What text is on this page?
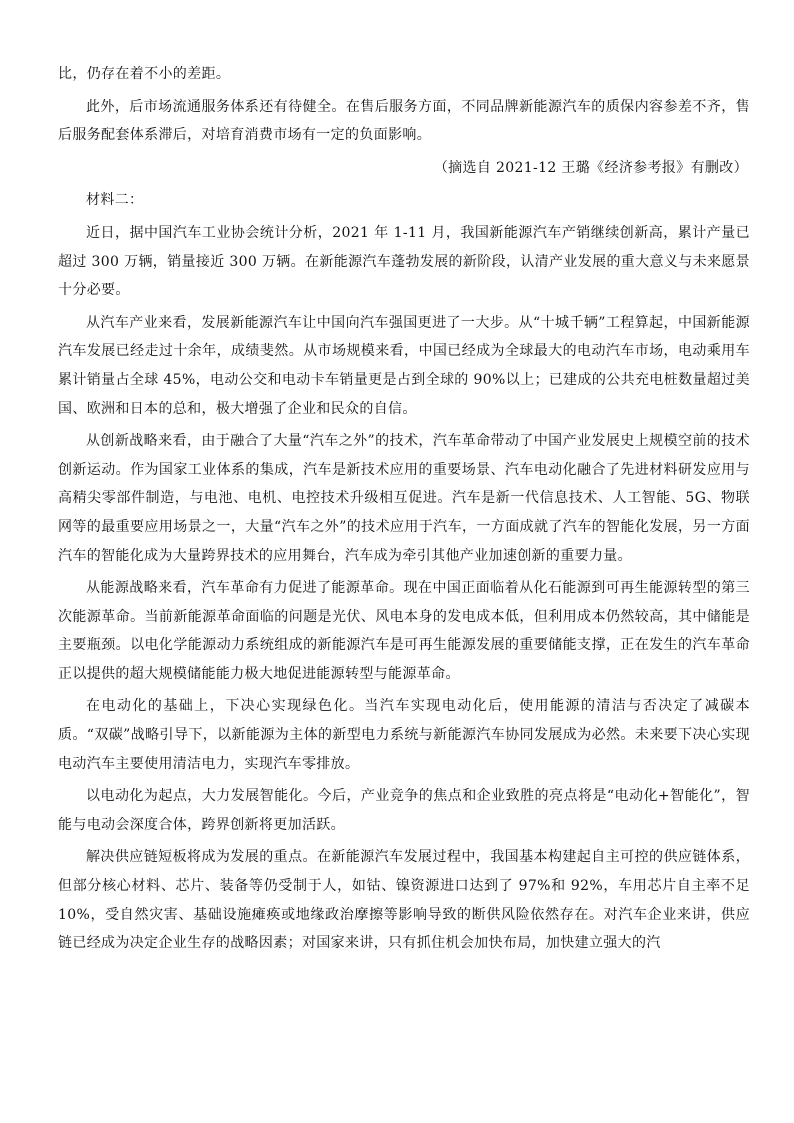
比，仍存在着不小的差距。

此外，后市场流通服务体系还有待健全。在售后服务方面，不同品牌新能源汽车的质保内容参差不齐，售后服务配套体系滞后，对培育消费市场有一定的负面影响。

（摘选自 2021-12 王璐《经济参考报》有删改）

材料二：

近日，据中国汽车工业协会统计分析，2021 年 1-11 月，我国新能源汽车产销继续创新高，累计产量已超过 300 万辆，销量接近 300 万辆。在新能源汽车蓬勃发展的新阶段，认清产业发展的重大意义与未来愿景十分必要。

从汽车产业来看，发展新能源汽车让中国向汽车强国更进了一大步。从“十城千辆”工程算起，中国新能源汽车发展已经走过十余年，成绩斐然。从市场规模来看，中国已经成为全球最大的电动汽车市场，电动乘用车累计销量占全球 45%，电动公交和电动卡车销量更是占到全球的 90%以上；已建成的公共充电桩数量超过美国、欧洲和日本的总和，极大增强了企业和民众的自信。

从创新战略来看，由于融合了大量“汽车之外”的技术，汽车革命带动了中国产业发展史上规模空前的技术创新运动。作为国家工业体系的集成，汽车是新技术应用的重要场景、汽车电动化融合了先进材料研发应用与高精尖零部件制造，与电池、电机、电控技术升级相互促进。汽车是新一代信息技术、人工智能、5G、物联网等的最重要应用场景之一，大量“汽车之外”的技术应用于汽车，一方面成就了汽车的智能化发展，另一方面汽车的智能化成为大量跨界技术的应用舞台，汽车成为牵引其他产业加速创新的重要力量。

从能源战略来看，汽车革命有力促进了能源革命。现在中国正面临着从化石能源到可再生能源转型的第三次能源革命。当前新能源革命面临的问题是光伏、风电本身的发电成本低，但利用成本仍然较高，其中储能是主要瓶颈。以电化学能源动力系统组成的新能源汽车是可再生能源发展的重要储能支撑，正在发生的汽车革命正以提供的超大规模储能能力极大地促进能源转型与能源革命。

在电动化的基础上，下决心实现绿色化。当汽车实现电动化后，使用能源的清洁与否决定了减碳本质。“双碳”战略引导下，以新能源为主体的新型电力系统与新能源汽车协同发展成为必然。未来要下决心实现电动汽车主要使用清洁电力，实现汽车零排放。

以电动化为起点，大力发展智能化。今后，产业竞争的焦点和企业致胜的亮点将是“电动化+智能化”，智能与电动会深度合体，跨界创新将更加活跃。

解决供应链短板将成为发展的重点。在新能源汽车发展过程中，我国基本构建起自主可控的供应链体系，但部分核心材料、芯片、装备等仍受制于人，如钴、镍资源进口达到了 97%和 92%，车用芯片自主率不足 10%，受自然灾害、基础设施瘫痪或地缘政治摩擦等影响导致的断供风险依然存在。对汽车企业来讲，供应链已经成为决定企业生存的战略因素；对国家来讲，只有抓住机会加快布局，加快建立强大的汽
